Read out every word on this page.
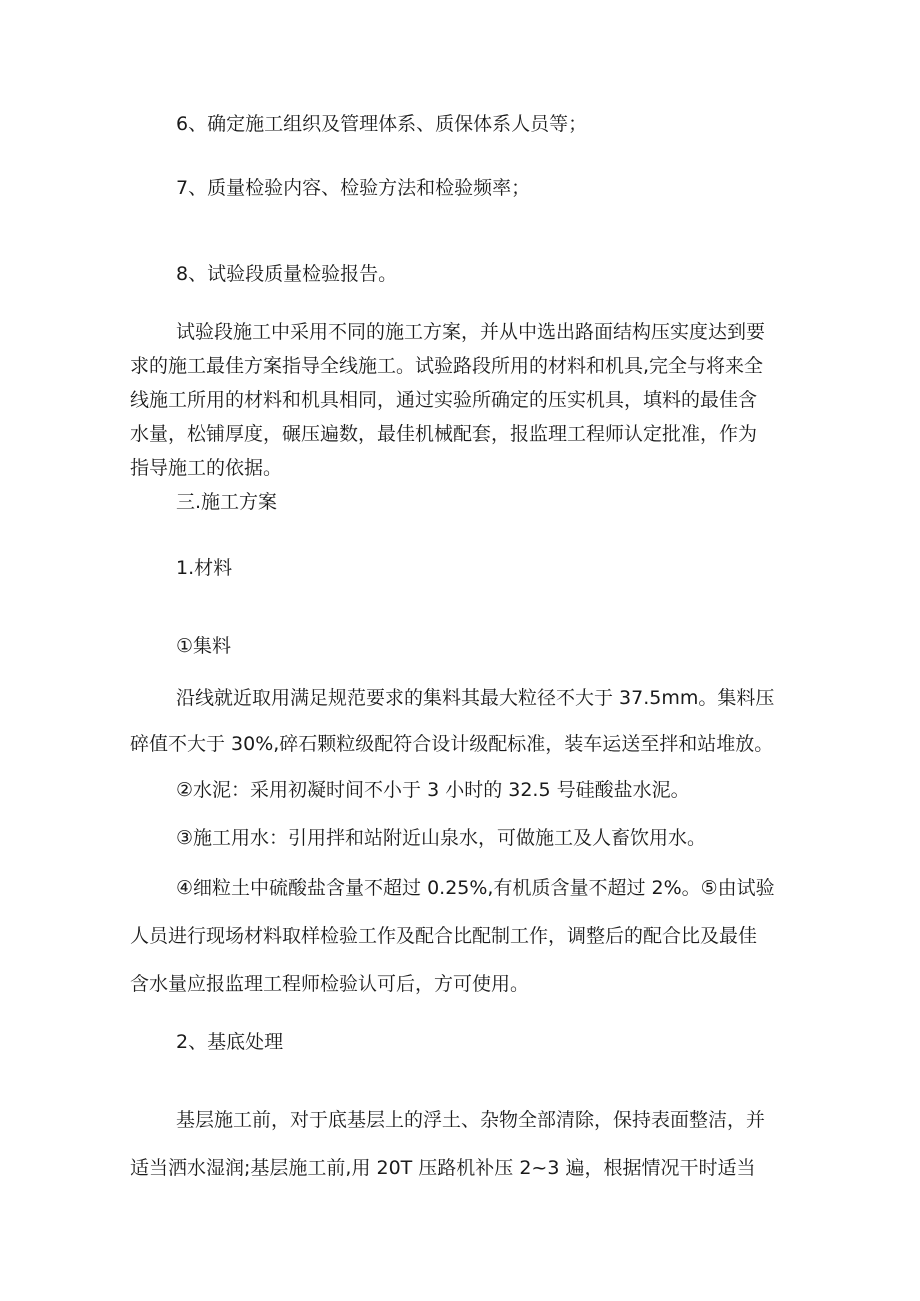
6、确定施工组织及管理体系、质保体系人员等；
7、质量检验内容、检验方法和检验频率；
8、试验段质量检验报告。
试验段施工中采用不同的施工方案，并从中选出路面结构压实度达到要
求的施工最佳方案指导全线施工。试验路段所用的材料和机具,完全与将来全
线施工所用的材料和机具相同，通过实验所确定的压实机具，填料的最佳含
水量，松铺厚度，碾压遍数，最佳机械配套，报监理工程师认定批准，作为
指导施工的依据。
三.施工方案
1.材料
①集料
沿线就近取用满足规范要求的集料其最大粒径不大于 37.5mm。集料压
碎值不大于 30%,碎石颗粒级配符合设计级配标准，装车运送至拌和站堆放。
②水泥：采用初凝时间不小于 3 小时的 32.5 号硅酸盐水泥。
③施工用水：引用拌和站附近山泉水，可做施工及人畜饮用水。
④细粒土中硫酸盐含量不超过 0.25%,有机质含量不超过 2%。⑤由试验
人员进行现场材料取样检验工作及配合比配制工作，调整后的配合比及最佳
含水量应报监理工程师检验认可后，方可使用。
2、基底处理
基层施工前，对于底基层上的浮土、杂物全部清除，保持表面整洁，并
适当洒水湿润;基层施工前,用 20T 压路机补压 2~3 遍，根据情况干时适当
